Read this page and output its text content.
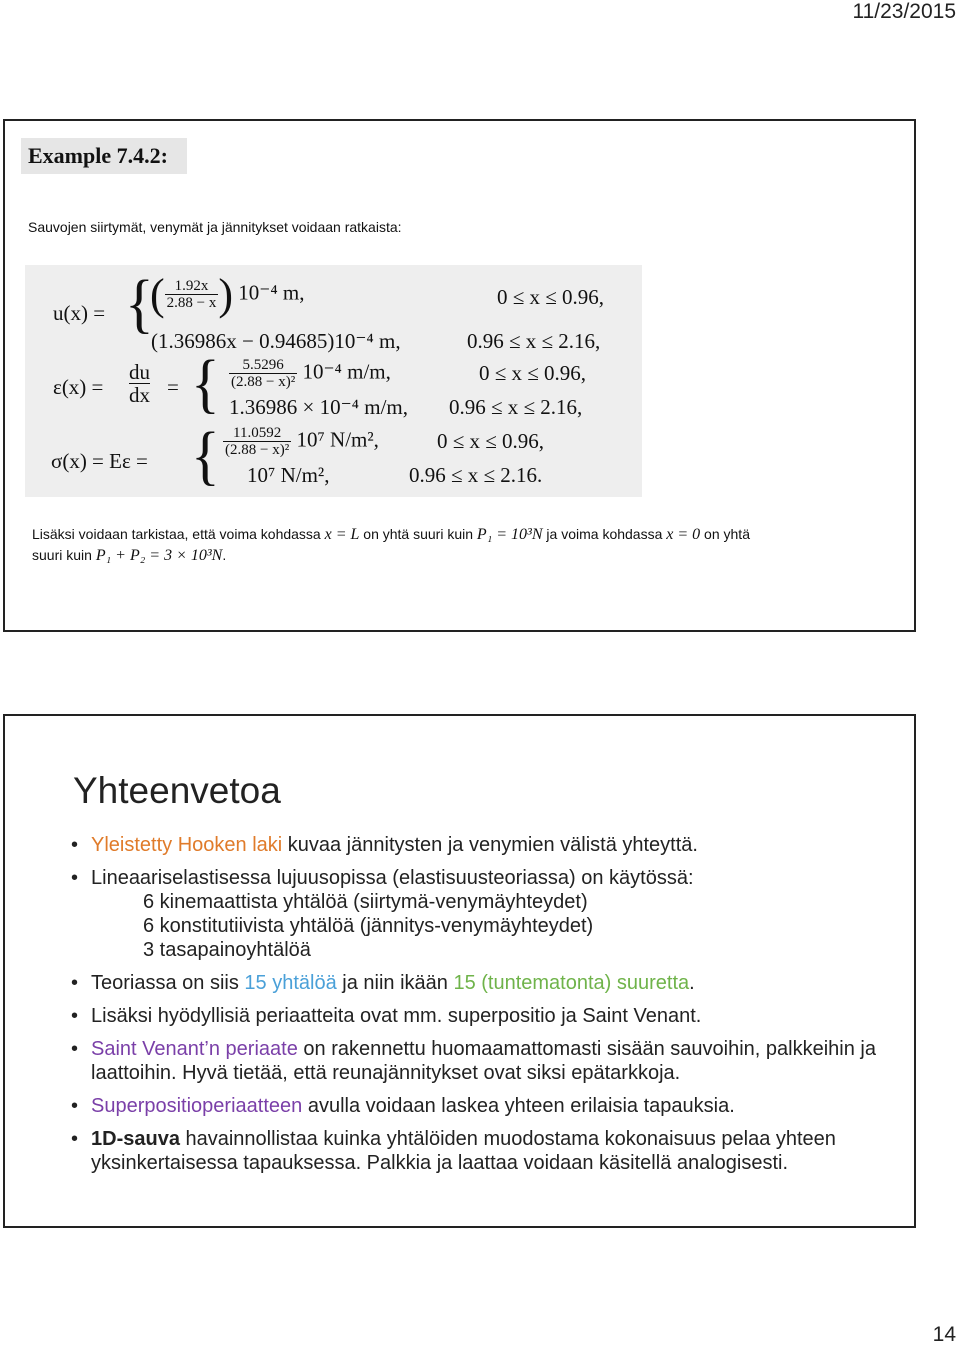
11/23/2015
Example 7.4.2:
Sauvojen siirtymät, venymät ja jännitykset voidaan ratkaista:
u(x) = {
( $\frac{1.92x}{2.88 - x}$ ) 10⁻⁴ m,	0 ≤ x ≤ 0.96,
(1.36986x − 0.94685)10⁻⁴ m,	0.96 ≤ x ≤ 2.16,
ε(x) =
du
dx = { $\frac{5.5296}{\text{(2.88 − x)²}} 10^{-4}$ m/m,	0 ≤ x ≤ 0.96,
1.36986 × 10⁻⁴ m/m, 0.96 ≤ x ≤ 2.16,
σ(x) = Eε = { $\frac{11.0592}{\text{(2.88 − x)²}} 10^7$ N/m²,	0 ≤ x ≤ 0.96,
10⁷ N/m²,	0.96 ≤ x ≤ 2.16.
Lisäksi voidaan tarkistaa, että voima kohdassa x = L on yhtä suuri kuin P₁ = 10³N ja voima kohdassa x = 0 on yhtä
suuri kuin P₁ + P₂ = 3 × 10³N.
Yhteenvetoa
• Yleistetty Hooken laki kuvaa jännitysten ja venymien välistä yhteyttä.
• Lineaariselastisessa lujuusopissa (elastisuusteoriassa) on käytössä:
6 kinemaattista yhtälöä (siirtymä-venymäyhteydet)
6 konstitutiivista yhtälöä (jännitys-venymäyhteydet)
3 tasapainoyhtälöä
• Teoriassa on siis 15 yhtälöä ja niin ikään 15 (tuntematonta) suuretta.
• Lisäksi hyödyllisiä periaatteita ovat mm. superpositio ja Saint Venant.
• Saint Venant’n periaate on rakennettu huomaamattomasti sisään sauvoihin, palkkeihin ja laattoihin. Hyvä tietää, että reunajännitykset ovat siksi epätarkkoja.
• Superpositioperiaatteen avulla voidaan laskea yhteen erilaisia tapauksia.
• 1D-sauva havainnollistaa kuinka yhtälöiden muodostama kokonaisuus pelaa yhteen yksinkertaisessa tapauksessa. Palkkia ja laattaa voidaan käsitellä analogisesti.
14
